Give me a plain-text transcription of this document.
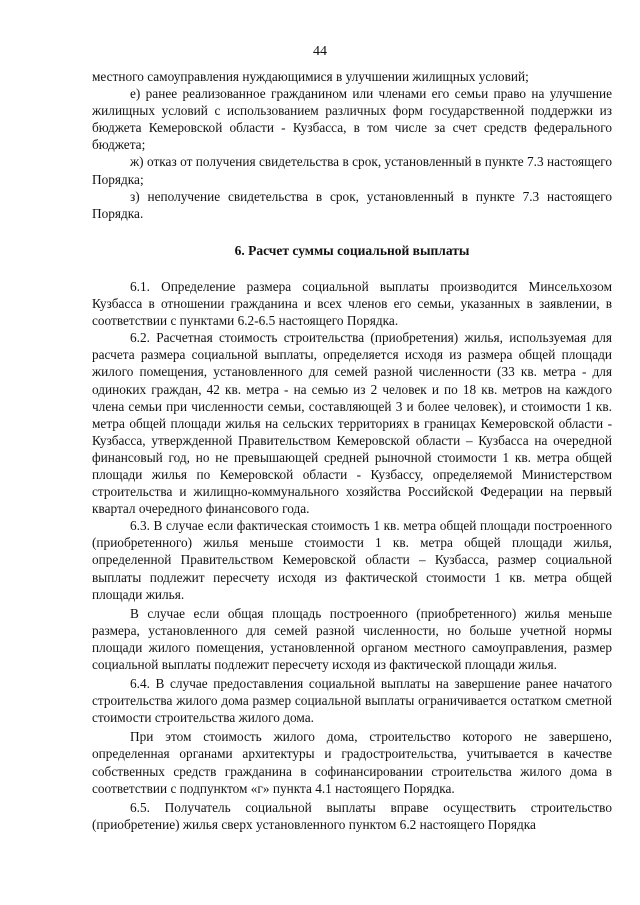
44

местного самоуправления нуждающимися в улучшении жилищных условий;

е) ранее реализованное гражданином или членами его семьи право на улучшение жилищных условий с использованием различных форм государственной поддержки из бюджета Кемеровской области - Кузбасса, в том числе за счет средств федерального бюджета;

ж) отказ от получения свидетельства в срок, установленный в пункте 7.3 настоящего Порядка;

з) неполучение свидетельства в срок, установленный в пункте 7.3 настоящего Порядка.

6. Расчет суммы социальной выплаты

6.1. Определение размера социальной выплаты производится Минсельхозом Кузбасса в отношении гражданина и всех членов его семьи, указанных в заявлении, в соответствии с пунктами 6.2-6.5 настоящего Порядка.

6.2. Расчетная стоимость строительства (приобретения) жилья, используемая для расчета размера социальной выплаты, определяется исходя из размера общей площади жилого помещения, установленного для семей разной численности (33 кв. метра - для одиноких граждан, 42 кв. метра - на семью из 2 человек и по 18 кв. метров на каждого члена семьи при численности семьи, составляющей 3 и более человек), и стоимости 1 кв. метра общей площади жилья на сельских территориях в границах Кемеровской области - Кузбасса, утвержденной Правительством Кемеровской области – Кузбасса на очередной финансовый год, но не превышающей средней рыночной стоимости 1 кв. метра общей площади жилья по Кемеровской области - Кузбассу, определяемой Министерством строительства и жилищно-коммунального хозяйства Российской Федерации на первый квартал очередного финансового года.

6.3. В случае если фактическая стоимость 1 кв. метра общей площади построенного (приобретенного) жилья меньше стоимости 1 кв. метра общей площади жилья, определенной Правительством Кемеровской области – Кузбасса, размер социальной выплаты подлежит пересчету исходя из фактической стоимости 1 кв. метра общей площади жилья.

В случае если общая площадь построенного (приобретенного) жилья меньше размера, установленного для семей разной численности, но больше учетной нормы площади жилого помещения, установленной органом местного самоуправления, размер социальной выплаты подлежит пересчету исходя из фактической площади жилья.

6.4. В случае предоставления социальной выплаты на завершение ранее начатого строительства жилого дома размер социальной выплаты ограничивается остатком сметной стоимости строительства жилого дома.

При этом стоимость жилого дома, строительство которого не завершено, определенная органами архитектуры и градостроительства, учитывается в качестве собственных средств гражданина в софинансировании строительства жилого дома в соответствии с подпунктом «г» пункта 4.1 настоящего Порядка.

6.5. Получатель социальной выплаты вправе осуществить строительство (приобретение) жилья сверх установленного пунктом 6.2 настоящего Порядка
